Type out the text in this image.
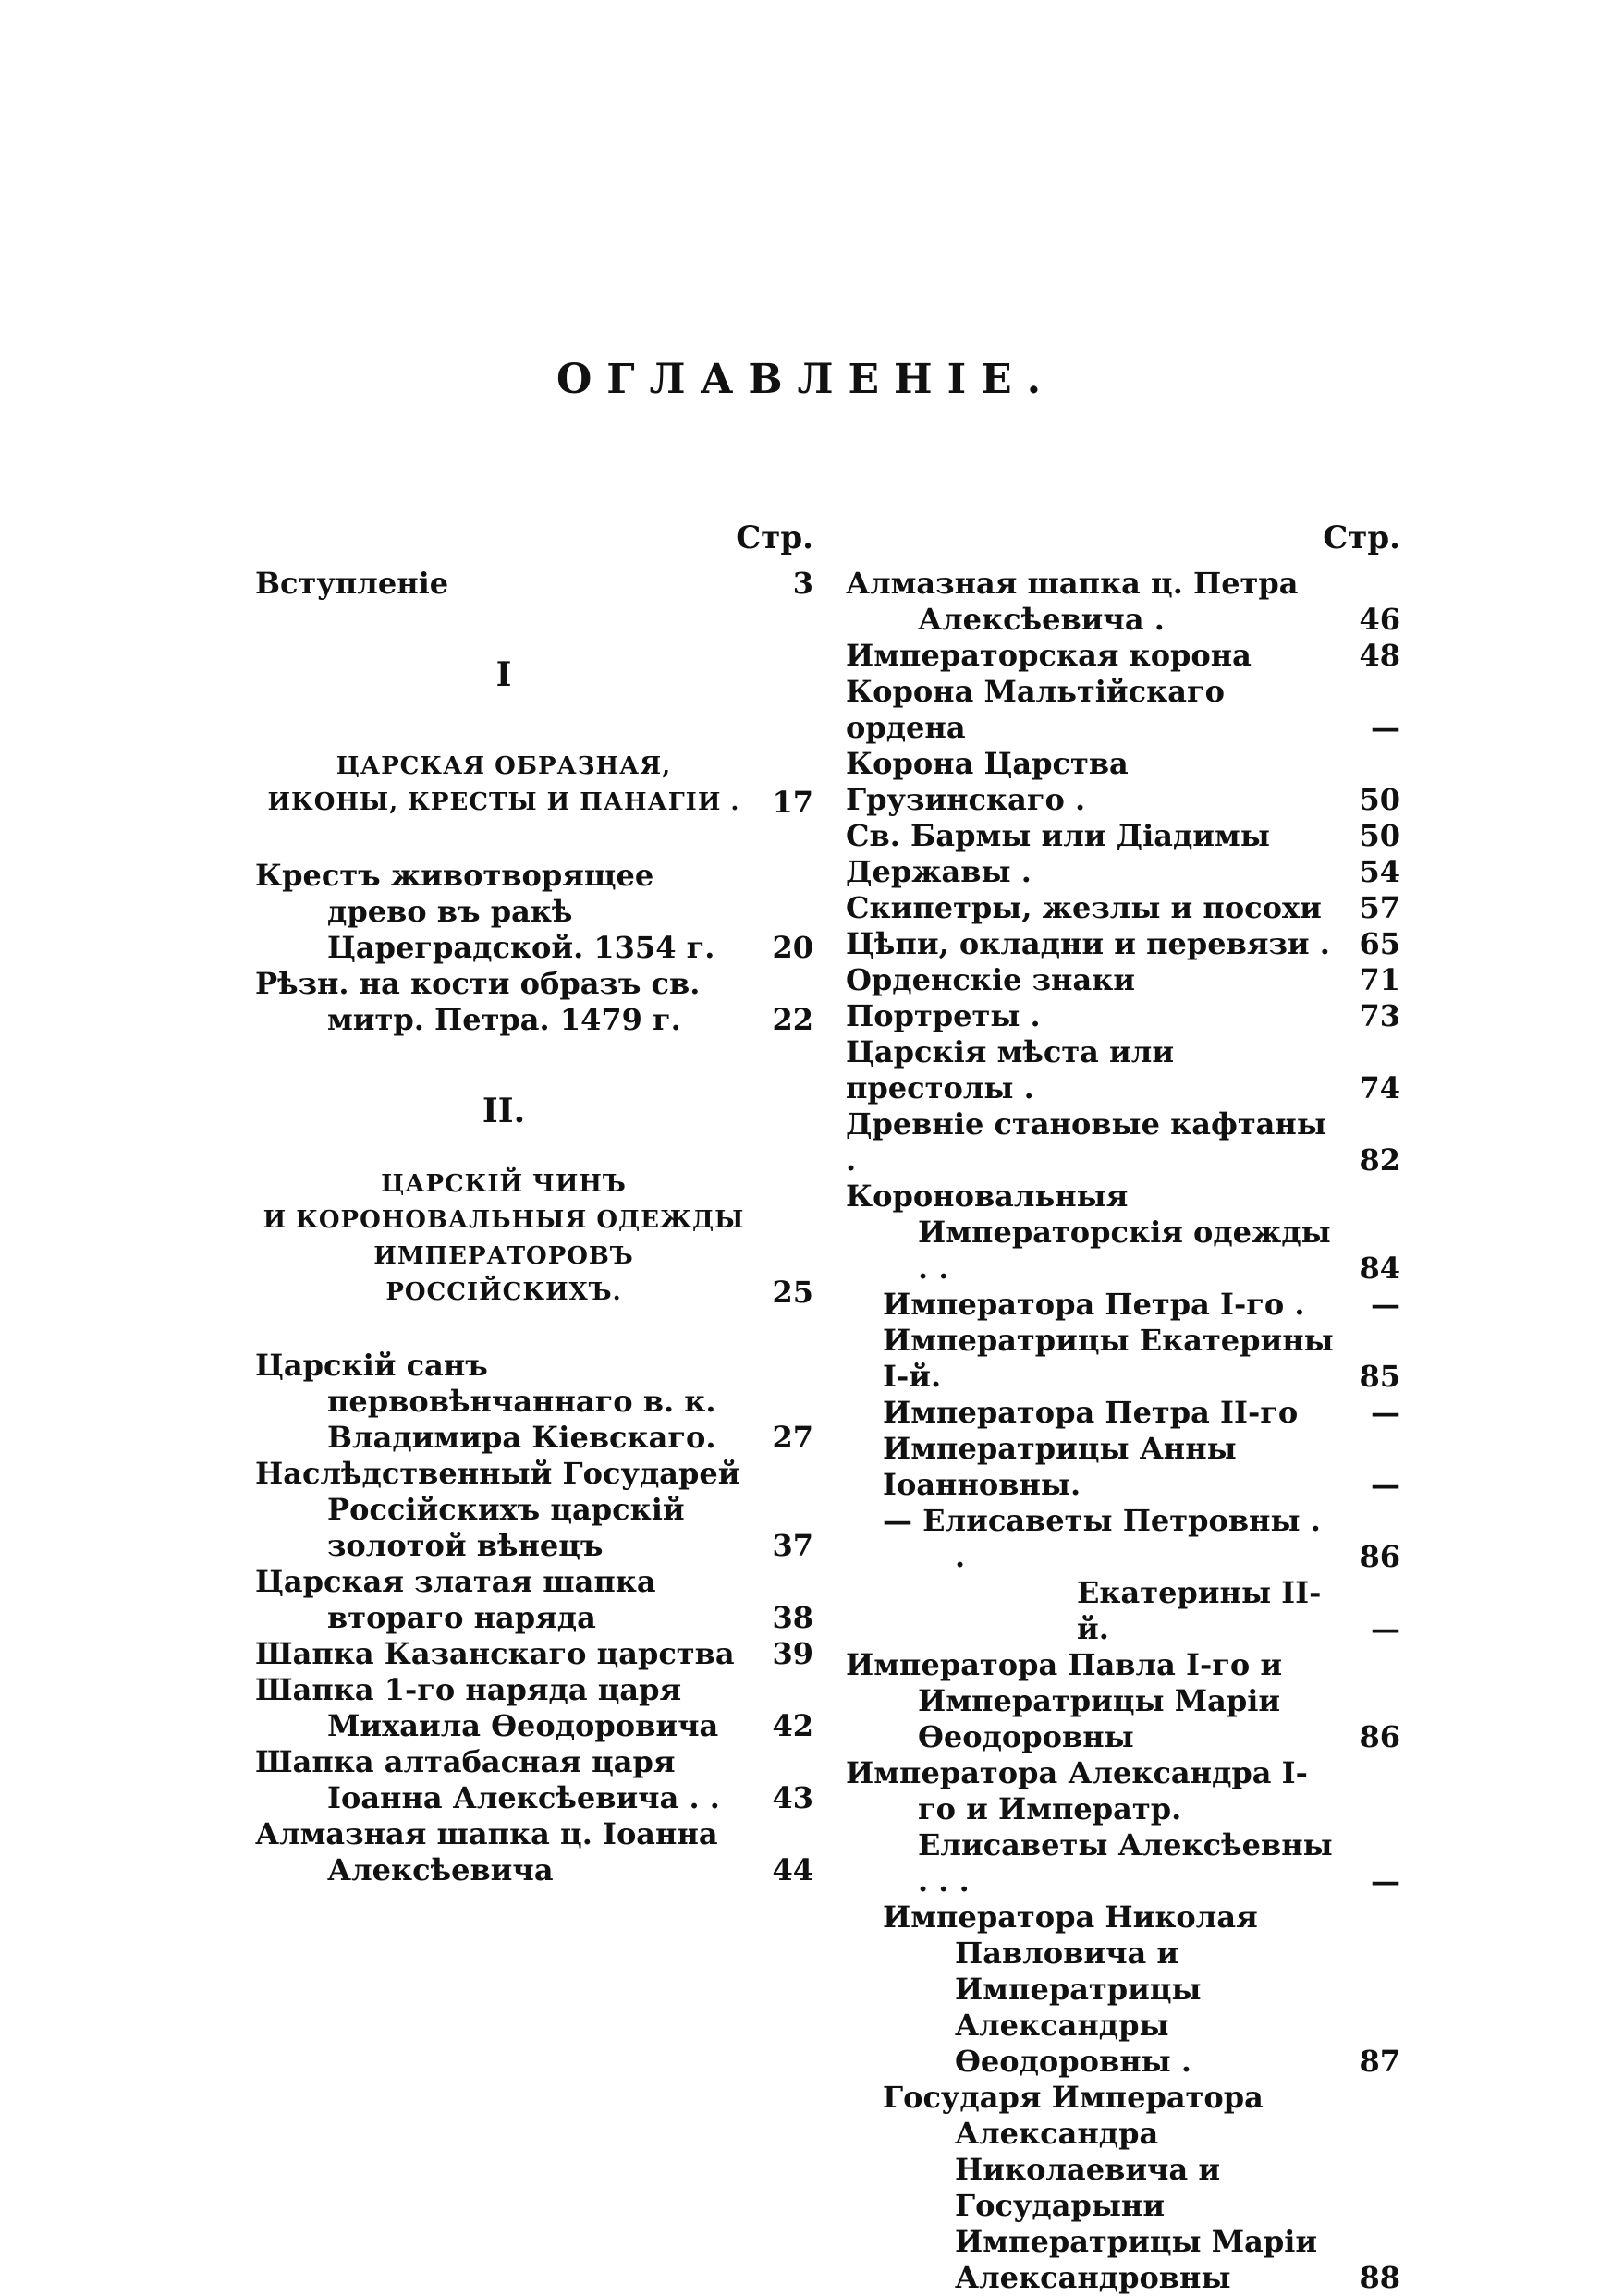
ОГЛАВЛЕНІЕ.
Стр.
Вступленіе	3
I
ЦАРСКАЯ ОБРАЗНАЯ,
ИКОНЫ, КРЕСТЫ И ПАНАГІИ .	17
Крестъ животворящее древо въ ракѣ Цареградской. 1354 г.	20
Рѣзн. на кости образъ св. митр. Петра. 1479 г.	22
II.
ЦАРСКІЙ ЧИНЪ
И КОРОНОВАЛЬНЫЯ ОДЕЖДЫ ИМПЕРАТОРОВЪ РОССІЙСКИХЪ.	25
Царскій санъ первовѣнчаннаго в. к. Владимира Кіевскаго.	27
Наслѣдственный Государей Россійскихъ царскій золотой вѣнецъ	37
Царская златая шапка втораго наряда	38
Шапка Казанскаго царства	39
Шапка 1-го наряда царя Михаила Ѳеодоровича	42
Шапка алтабасная царя Іоанна Алексѣевича . .	43
Алмазная шапка ц. Іоанна Алексѣевича	44
Стр.
Алмазная шапка ц. Петра Алексѣевича .	46
Императорская корона	48
Корона Мальтійскаго ордена	—
Корона Царства Грузинскаго .	50
Св. Бармы или Діадимы	50
Державы .	54
Скипетры, жезлы и посохи	57
Цѣпи, окладни и перевязи . 65
Орденскіе знаки	71
Портреты .	73
Царскія мѣста или престолы .	74
Древніе становые кафтаны .	82
Короновальныя Императорскія одежды . .	84
Императора Петра I-го .	—
Императрицы Екатерины I-й.	85
Императора Петра II-го	—
Императрицы Анны Іоанновны.	—
— Елисаветы Петровны . .	86
Екатерины II-й.	—
Императора Павла I-го и Императрицы Маріи Ѳеодоровны	86
Императора Александра I-го и Императр. Елисаветы Алексѣевны . . .	—
Императора Николая Павловича и Императрицы Александры Ѳеодоровны .	87
Государя Императора Александра Николаевича и Государыни Императрицы Маріи Александровны	88
